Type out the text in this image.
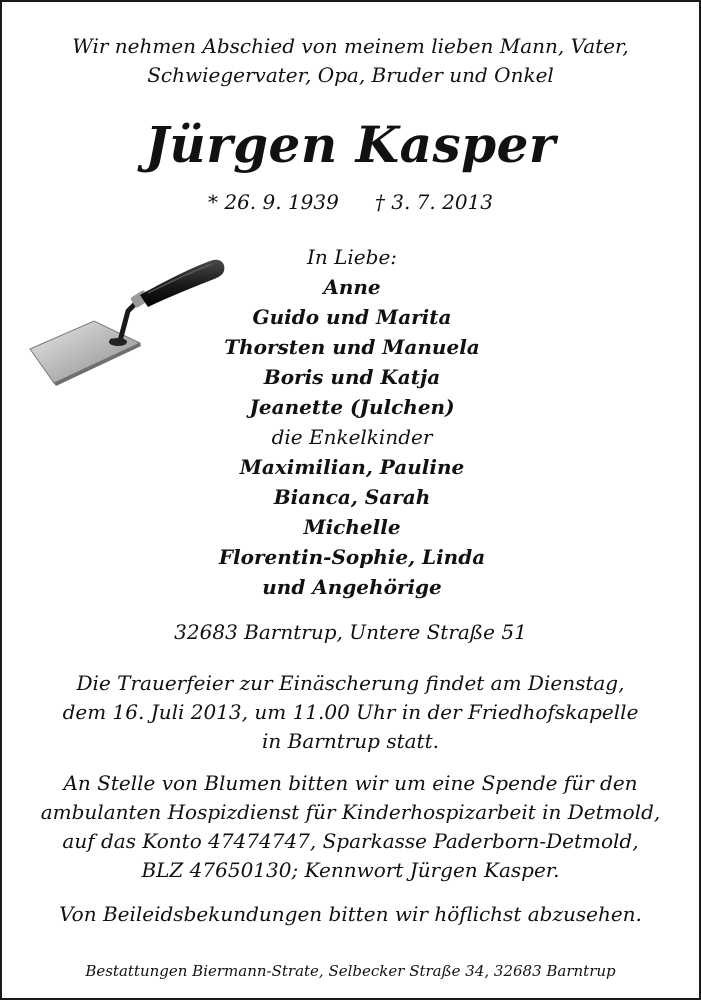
Wir nehmen Abschied von meinem lieben Mann, Vater,
Schwiegervater, Opa, Bruder und Onkel
Jürgen Kasper
* 26. 9. 1939 † 3. 7. 2013
In Liebe:
Anne
Guido und Marita
Thorsten und Manuela
Boris und Katja
Jeanette (Julchen)
die Enkelkinder
Maximilian, Pauline
Bianca, Sarah
Michelle
Florentin-Sophie, Linda
und Angehörige
32683 Barntrup, Untere Straße 51
Die Trauerfeier zur Einäscherung findet am Dienstag,
dem 16. Juli 2013, um 11.00 Uhr in der Friedhofskapelle
in Barntrup statt.
An Stelle von Blumen bitten wir um eine Spende für den
ambulanten Hospizdienst für Kinderhospizarbeit in Detmold,
auf das Konto 47474747, Sparkasse Paderborn-Detmold,
BLZ 47650130; Kennwort Jürgen Kasper.
Von Beileidsbekundungen bitten wir höflichst abzusehen.
Bestattungen Biermann-Strate, Selbecker Straße 34, 32683 Barntrup
